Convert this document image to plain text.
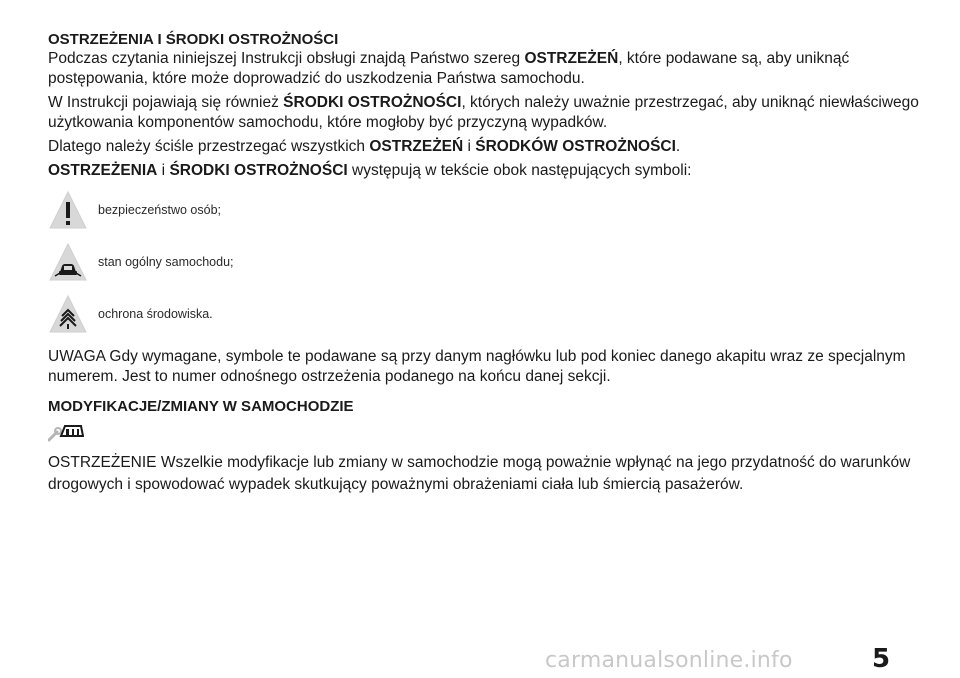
OSTRZEŻENIA I ŚRODKI OSTROŻNOŚCI

Podczas czytania niniejszej Instrukcji obsługi znajdą Państwo szereg OSTRZEŻEŃ, które podawane są, aby uniknąć postępowania, które może doprowadzić do uszkodzenia Państwa samochodu.

W Instrukcji pojawiają się również ŚRODKI OSTROŻNOŚCI, których należy uważnie przestrzegać, aby uniknąć niewłaściwego użytkowania komponentów samochodu, które mogłoby być przyczyną wypadków.

Dlatego należy ściśle przestrzegać wszystkich OSTRZEŻEŃ i ŚRODKÓW OSTROŻNOŚCI.

OSTRZEŻENIA i ŚRODKI OSTROŻNOŚCI występują w tekście obok następujących symboli:

bezpieczeństwo osób;
stan ogólny samochodu;
ochrona środowiska.

UWAGA Gdy wymagane, symbole te podawane są przy danym nagłówku lub pod koniec danego akapitu wraz ze specjalnym numerem. Jest to numer odnośnego ostrzeżenia podanego na końcu danej sekcji.

MODYFIKACJE/ZMIANY W SAMOCHODZIE

OSTRZEŻENIE Wszelkie modyfikacje lub zmiany w samochodzie mogą poważnie wpłynąć na jego przydatność do warunków drogowych i spowodować wypadek skutkujący poważnymi obrażeniami ciała lub śmiercią pasażerów.

carmanualsonline.info	5
